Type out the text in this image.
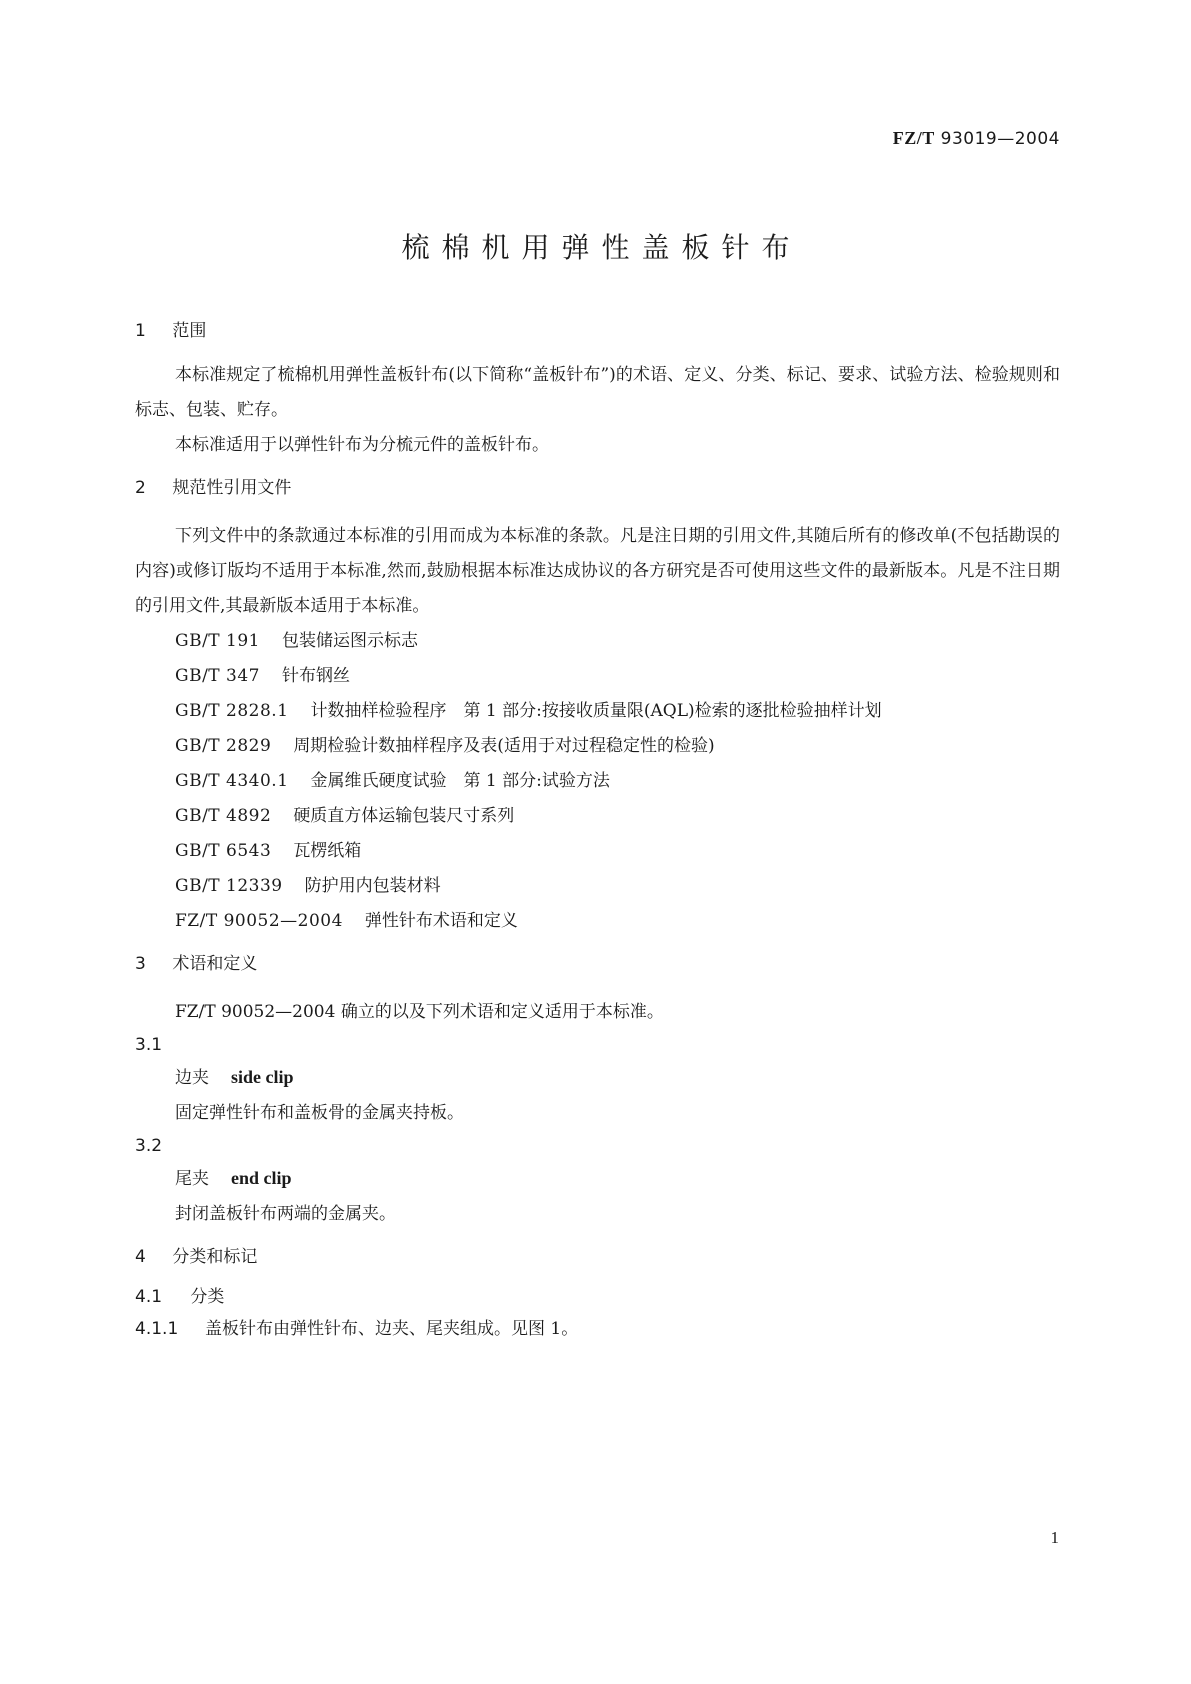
FZ/T 93019—2004
梳棉机用弹性盖板针布
1 范围
本标准规定了梳棉机用弹性盖板针布(以下简称“盖板针布”)的术语、定义、分类、标记、要求、试验方法、检验规则和标志、包装、贮存。
本标准适用于以弹性针布为分梳元件的盖板针布。
2 规范性引用文件
下列文件中的条款通过本标准的引用而成为本标准的条款。凡是注日期的引用文件,其随后所有的修改单(不包括勘误的内容)或修订版均不适用于本标准,然而,鼓励根据本标准达成协议的各方研究是否可使用这些文件的最新版本。凡是不注日期的引用文件,其最新版本适用于本标准。
GB/T 191 包装储运图示标志
GB/T 347 针布钢丝
GB/T 2828.1 计数抽样检验程序　第 1 部分:按接收质量限(AQL)检索的逐批检验抽样计划
GB/T 2829 周期检验计数抽样程序及表(适用于对过程稳定性的检验)
GB/T 4340.1 金属维氏硬度试验　第 1 部分:试验方法
GB/T 4892 硬质直方体运输包装尺寸系列
GB/T 6543 瓦楞纸箱
GB/T 12339 防护用内包装材料
FZ/T 90052—2004 弹性针布术语和定义
3 术语和定义
FZ/T 90052—2004 确立的以及下列术语和定义适用于本标准。
3.1
边夹 side clip
固定弹性针布和盖板骨的金属夹持板。
3.2
尾夹 end clip
封闭盖板针布两端的金属夹。
4 分类和标记
4.1 分类
4.1.1 盖板针布由弹性针布、边夹、尾夹组成。见图 1。
1
